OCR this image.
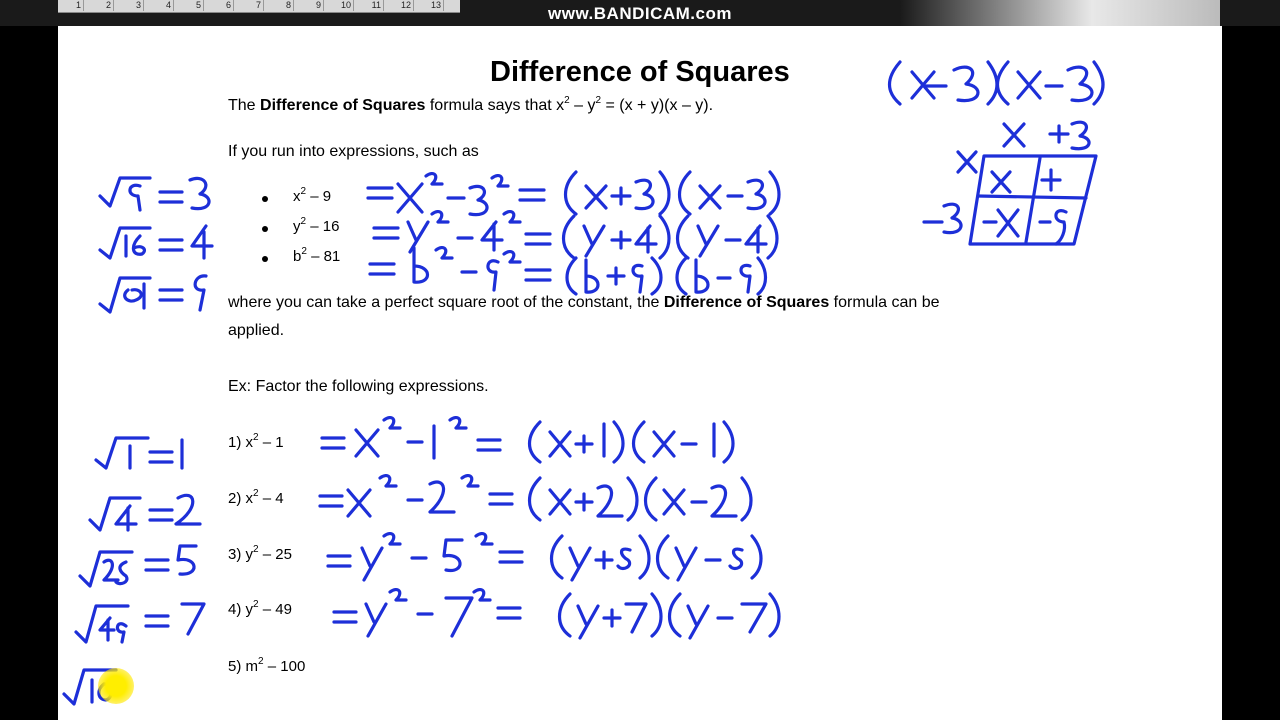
1	2	3	4	5	6	7	8	9	10	11	12	13	www.BANDICAM.com
Difference of Squares
The Difference of Squares formula says that $x^2 - y^2 = (x + y)(x - y)$.
If you run into expressions, such as
$x^2 - 9$
$y^2 - 16$
$b^2 - 81$
where you can take a perfect square root of the constant, the Difference of Squares formula can be
applied.
Ex: Factor the following expressions.
1) $x^2 - 1$
2) $x^2 - 4$
3) $y^2 - 25$
4) $y^2 - 49$
5) $m^2 - 100$
